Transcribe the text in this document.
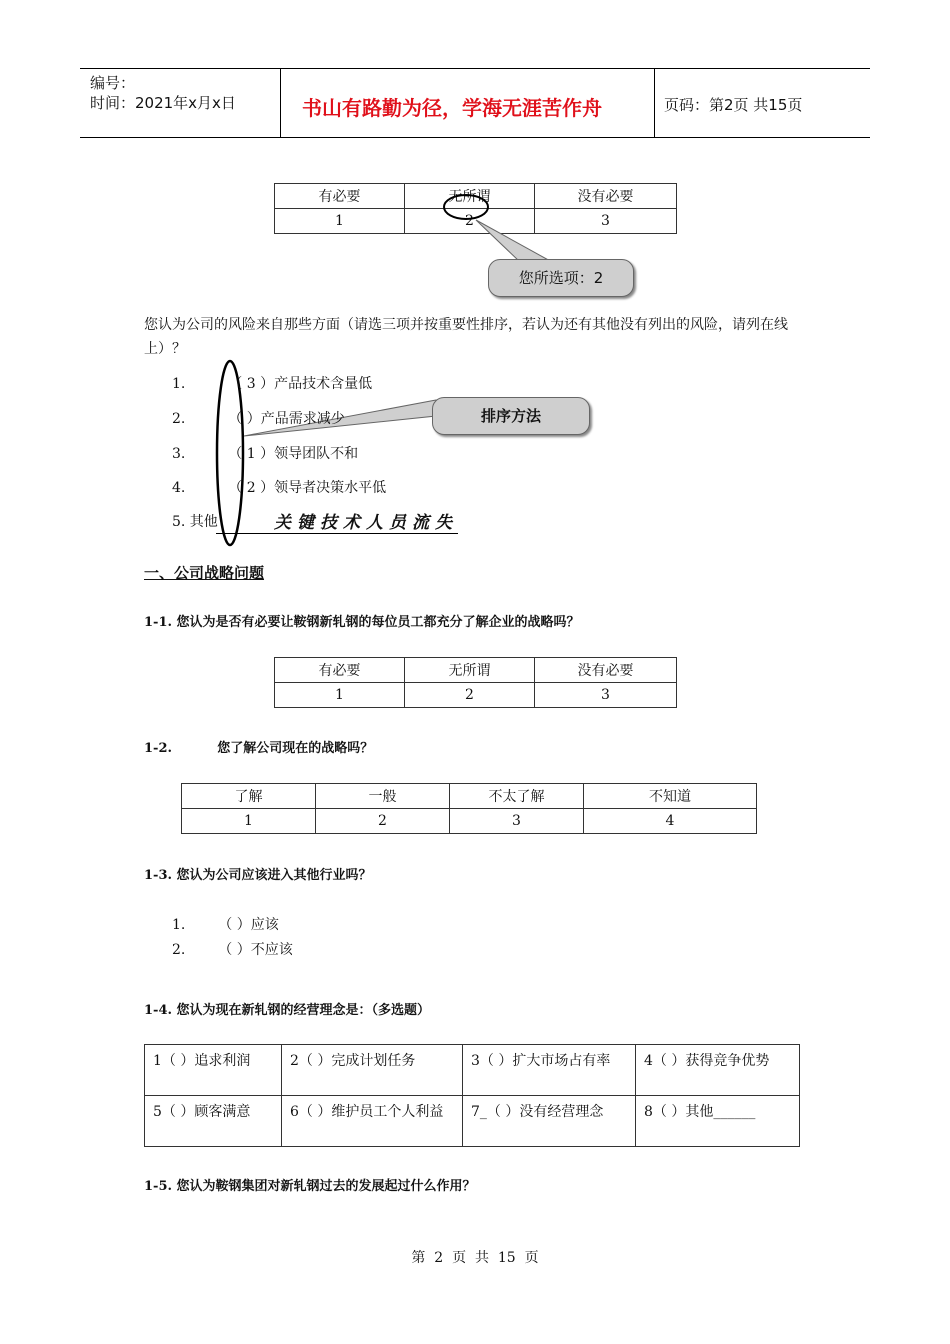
编号：
时间：2021年x月x日	书山有路勤为径，学海无涯苦作舟	页码：第2页 共15页
有必要	无所谓	没有必要
1	2	3
您所选项：2
您认为公司的风险来自那些方面（请选三项并按重要性排序，若认为还有其他没有列出的风险，请列在线
上）？
1.	（ 3 ）产品技术含量低
2.	（ ）产品需求减少
3.	（ 1 ）领导团队不和
4.	（ 2 ）领导者决策水平低
5. 其他	关键技术人员流失
排序方法
一、公司战略问题
1-1. 您认为是否有必要让鞍钢新轧钢的每位员工都充分了解企业的战略吗？
有必要	无所谓	没有必要
1	2	3
1-2.          您了解公司现在的战略吗？
了解	一般	不太了解	不知道
1	2	3	4
1-3. 您认为公司应该进入其他行业吗？
1. （ ）应该
2. （ ）不应该
1-4. 您认为现在新轧钢的经营理念是：（多选题）
1（ ）追求利润	2（ ）完成计划任务	3（ ）扩大市场占有率	4（ ）获得竞争优势
5（ ）顾客满意	6（ ）维护员工个人利益	7_（ ）没有经营理念	8（ ）其他______
1-5. 您认为鞍钢集团对新轧钢过去的发展起过什么作用？
第  2  页  共  15  页
